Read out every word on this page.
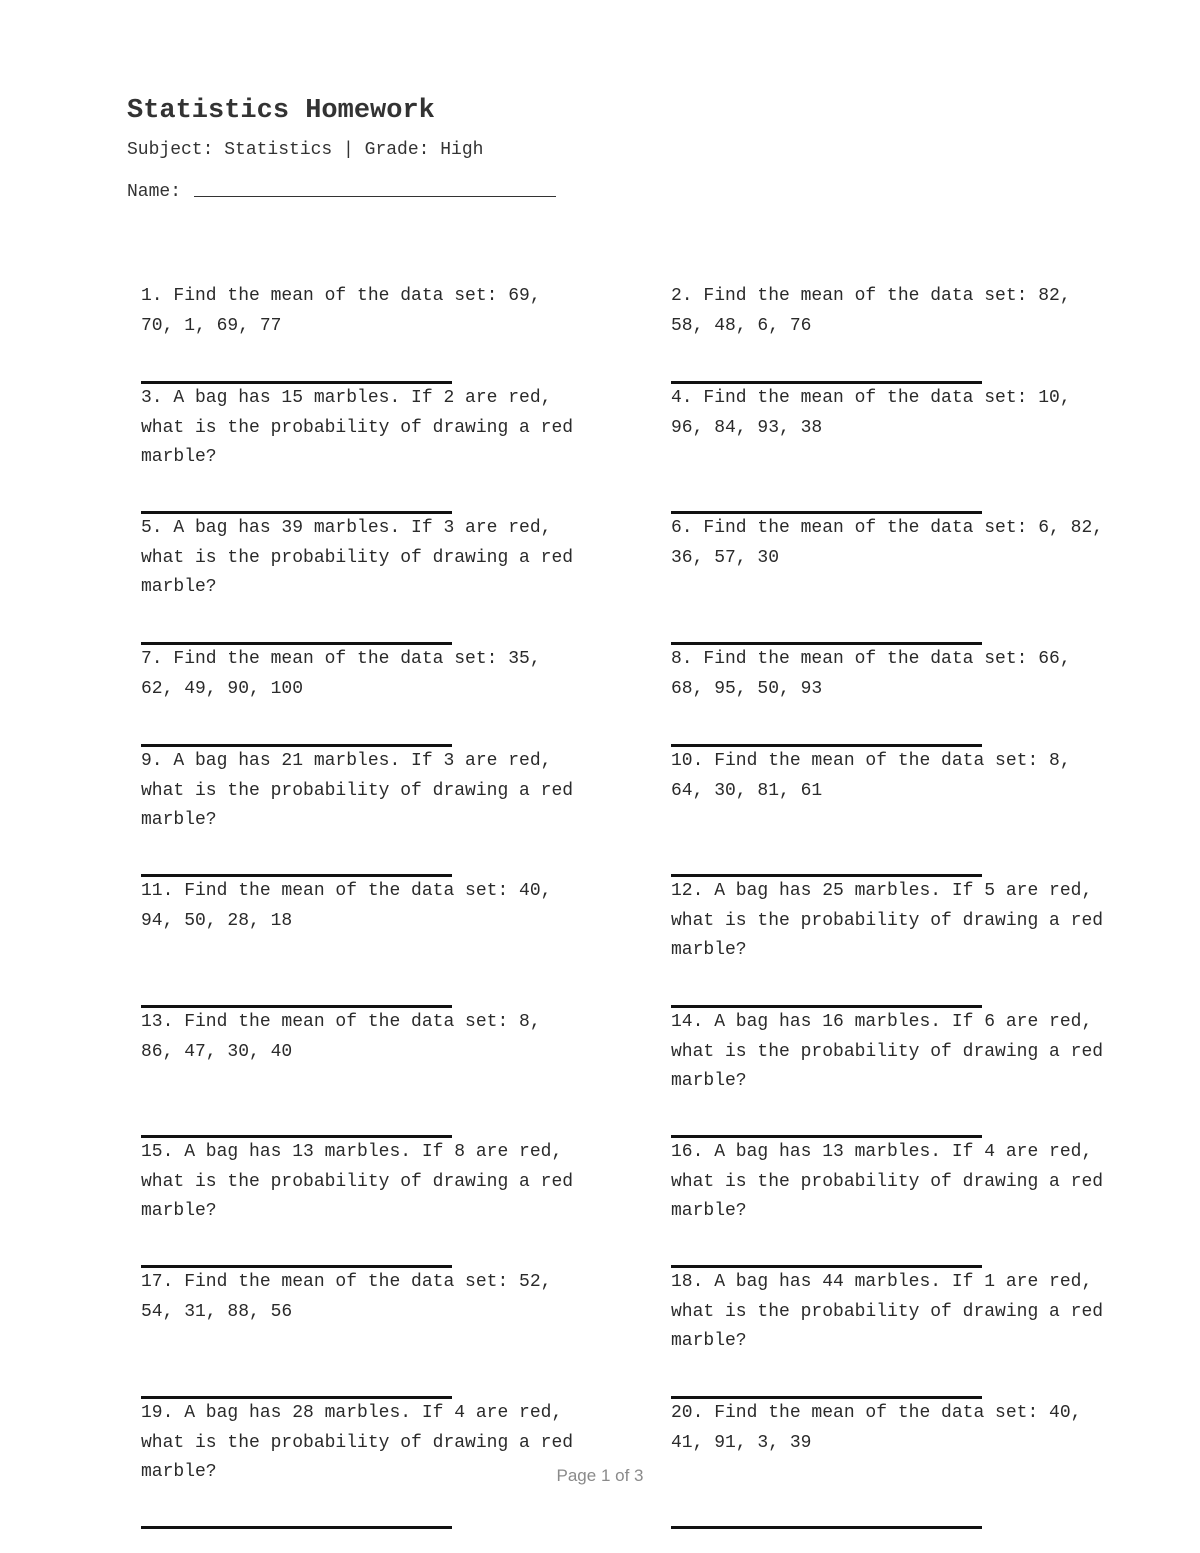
Statistics Homework
Subject: Statistics | Grade: High
Name:
1. Find the mean of the data set: 69, 70, 1, 69, 77
2. Find the mean of the data set: 82, 58, 48, 6, 76
3. A bag has 15 marbles. If 2 are red, what is the probability of drawing a red marble?
4. Find the mean of the data set: 10, 96, 84, 93, 38
5. A bag has 39 marbles. If 3 are red, what is the probability of drawing a red marble?
6. Find the mean of the data set: 6, 82, 36, 57, 30
7. Find the mean of the data set: 35, 62, 49, 90, 100
8. Find the mean of the data set: 66, 68, 95, 50, 93
9. A bag has 21 marbles. If 3 are red, what is the probability of drawing a red marble?
10. Find the mean of the data set: 8, 64, 30, 81, 61
11. Find the mean of the data set: 40, 94, 50, 28, 18
12. A bag has 25 marbles. If 5 are red, what is the probability of drawing a red marble?
13. Find the mean of the data set: 8, 86, 47, 30, 40
14. A bag has 16 marbles. If 6 are red, what is the probability of drawing a red marble?
15. A bag has 13 marbles. If 8 are red, what is the probability of drawing a red marble?
16. A bag has 13 marbles. If 4 are red, what is the probability of drawing a red marble?
17. Find the mean of the data set: 52, 54, 31, 88, 56
18. A bag has 44 marbles. If 1 are red, what is the probability of drawing a red marble?
19. A bag has 28 marbles. If 4 are red, what is the probability of drawing a red marble?
20. Find the mean of the data set: 40, 41, 91, 3, 39
Page 1 of 3
